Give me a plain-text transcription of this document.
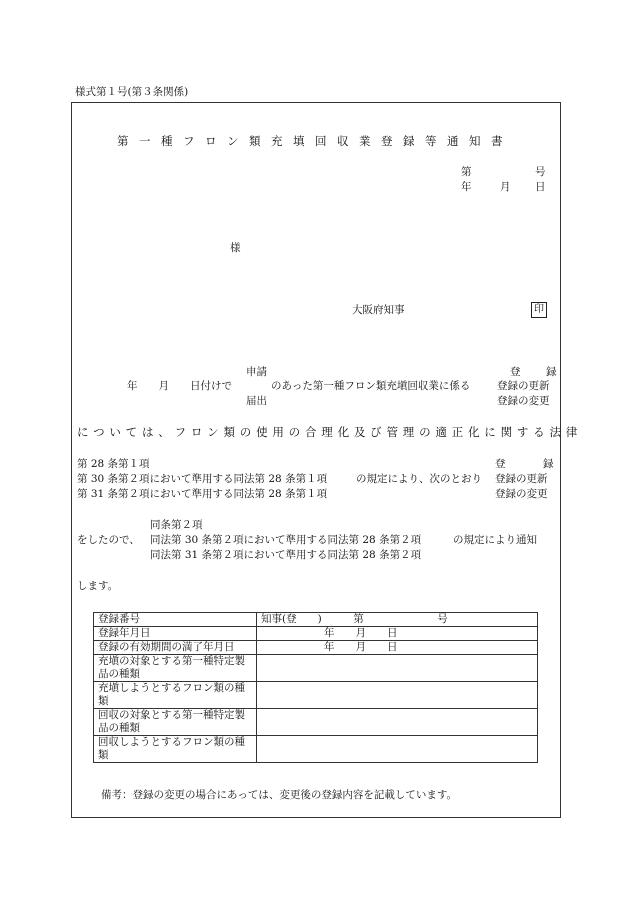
様式第１号(第３条関係)
第一種フロン類充填回収業登録等通知書
第	号
年	月 日
様
大阪府知事	印
申請
年　　月　　日付けで	のあった第一種フロン類充塡回収業に係る
届出
登 録
登録の更新
登録の変更
については、フロン類の使用の合理化及び管理の適正化に関する法律
第 28 条第１項
第 30 条第２項において準用する同法第 28 条第１項
第 31 条第２項において準用する同法第 28 条第１項
の規定により、次のとおり
登	録
登録の更新
登録の変更
同条第２項
をしたので、 同法第 30 条第２項において準用する同法第 28 条第２項
同法第 31 条第２項において準用する同法第 28 条第２項
の規定により通知
します。
登録番号	知事(登　　)　　　第　　　　　　　号
登録年月日	　　　　　　年　　月　　日
登録の有効期間の満了年月日	　　　　　　年　　月　　日
充塡の対象とする第一種特定製品の種類	
充塡しようとするフロン類の種類	
回収の対象とする第一種特定製品の種類	
回収しようとするフロン類の種類	
備考：登録の変更の場合にあっては、変更後の登録内容を記載しています。
